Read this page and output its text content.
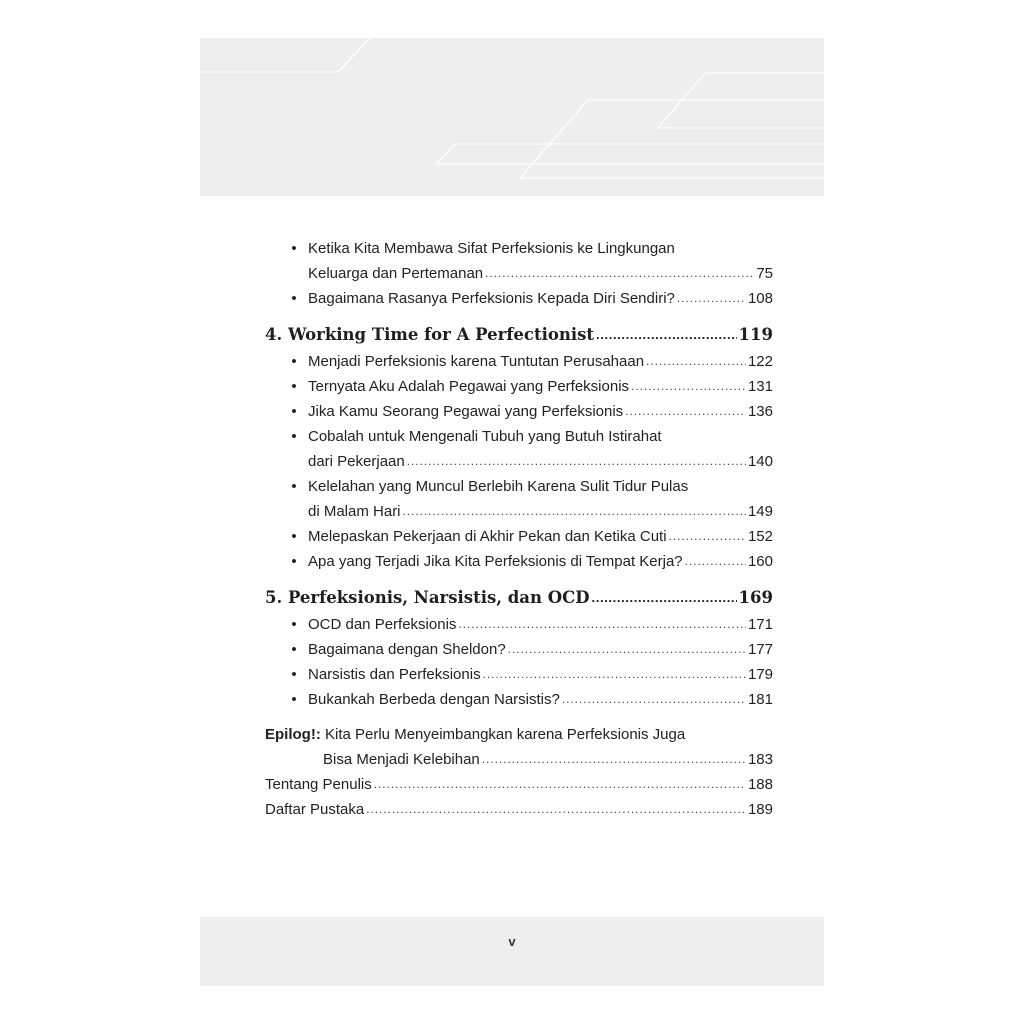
• Ketika Kita Membawa Sifat Perfeksionis ke Lingkungan
Keluarga dan Pertemanan . . .	75
• Bagaimana Rasanya Perfeksionis Kepada Diri Sendiri? . . .	108
4. Working Time for A Perfectionist . . .	119
• Menjadi Perfeksionis karena Tuntutan Perusahaan . . .	122
• Ternyata Aku Adalah Pegawai yang Perfeksionis . . .	131
• Jika Kamu Seorang Pegawai yang Perfeksionis . . .	136
• Cobalah untuk Mengenali Tubuh yang Butuh Istirahat
dari Pekerjaan . . .	140
• Kelelahan yang Muncul Berlebih Karena Sulit Tidur Pulas
di Malam Hari . . .	149
• Melepaskan Pekerjaan di Akhir Pekan dan Ketika Cuti . . .	152
• Apa yang Terjadi Jika Kita Perfeksionis di Tempat Kerja? . . .	160
5. Perfeksionis, Narsistis, dan OCD . . .	169
• OCD dan Perfeksionis . . .	171
• Bagaimana dengan Sheldon? . . .	177
• Narsistis dan Perfeksionis . . .	179
• Bukankah Berbeda dengan Narsistis? . . .	181
Epilog!: Kita Perlu Menyeimbangkan karena Perfeksionis Juga
Bisa Menjadi Kelebihan . . .	183
Tentang Penulis . . .	188
Daftar Pustaka . . .	189
v
